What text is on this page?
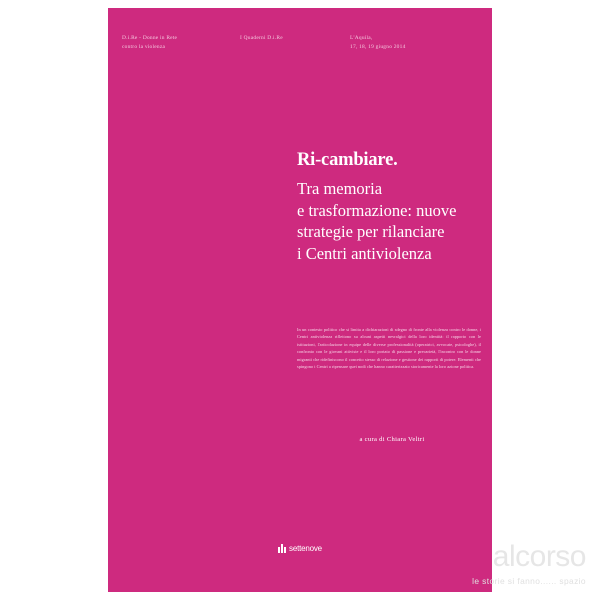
D.i.Re - Donne in Rete
contro la violenza
I Quaderni D.i.Re	L'Aquila,
17, 18, 19 giugno 2014
Ri-cambiare.
Tra memoria
e trasformazione: nuove
strategie per rilanciare
i Centri antiviolenza

In un contesto politico che si limita a dichiarazioni di sdegno di fronte alla violenza contro le donne, i Centri antiviolenza riflettono su alcuni aspetti nevralgici della loro identità: il rapporto con le istituzioni, l'articolazione in equipe delle diverse professionalità (operatrici, avvocate, psicologhe), il confronto con le giovani attiviste e il loro portato di passione e precarietà, l'incontro con le donne migranti che ridefiniscono il concetto stesso di relazione e gestione dei rapporti di potere. Elementi che spingono i Centri a ripensare quei nodi che hanno caratterizzato storicamente la loro azione politica.

a cura di Chiara Veltri
settenove	alcorso
le storie si fanno...... spazio
